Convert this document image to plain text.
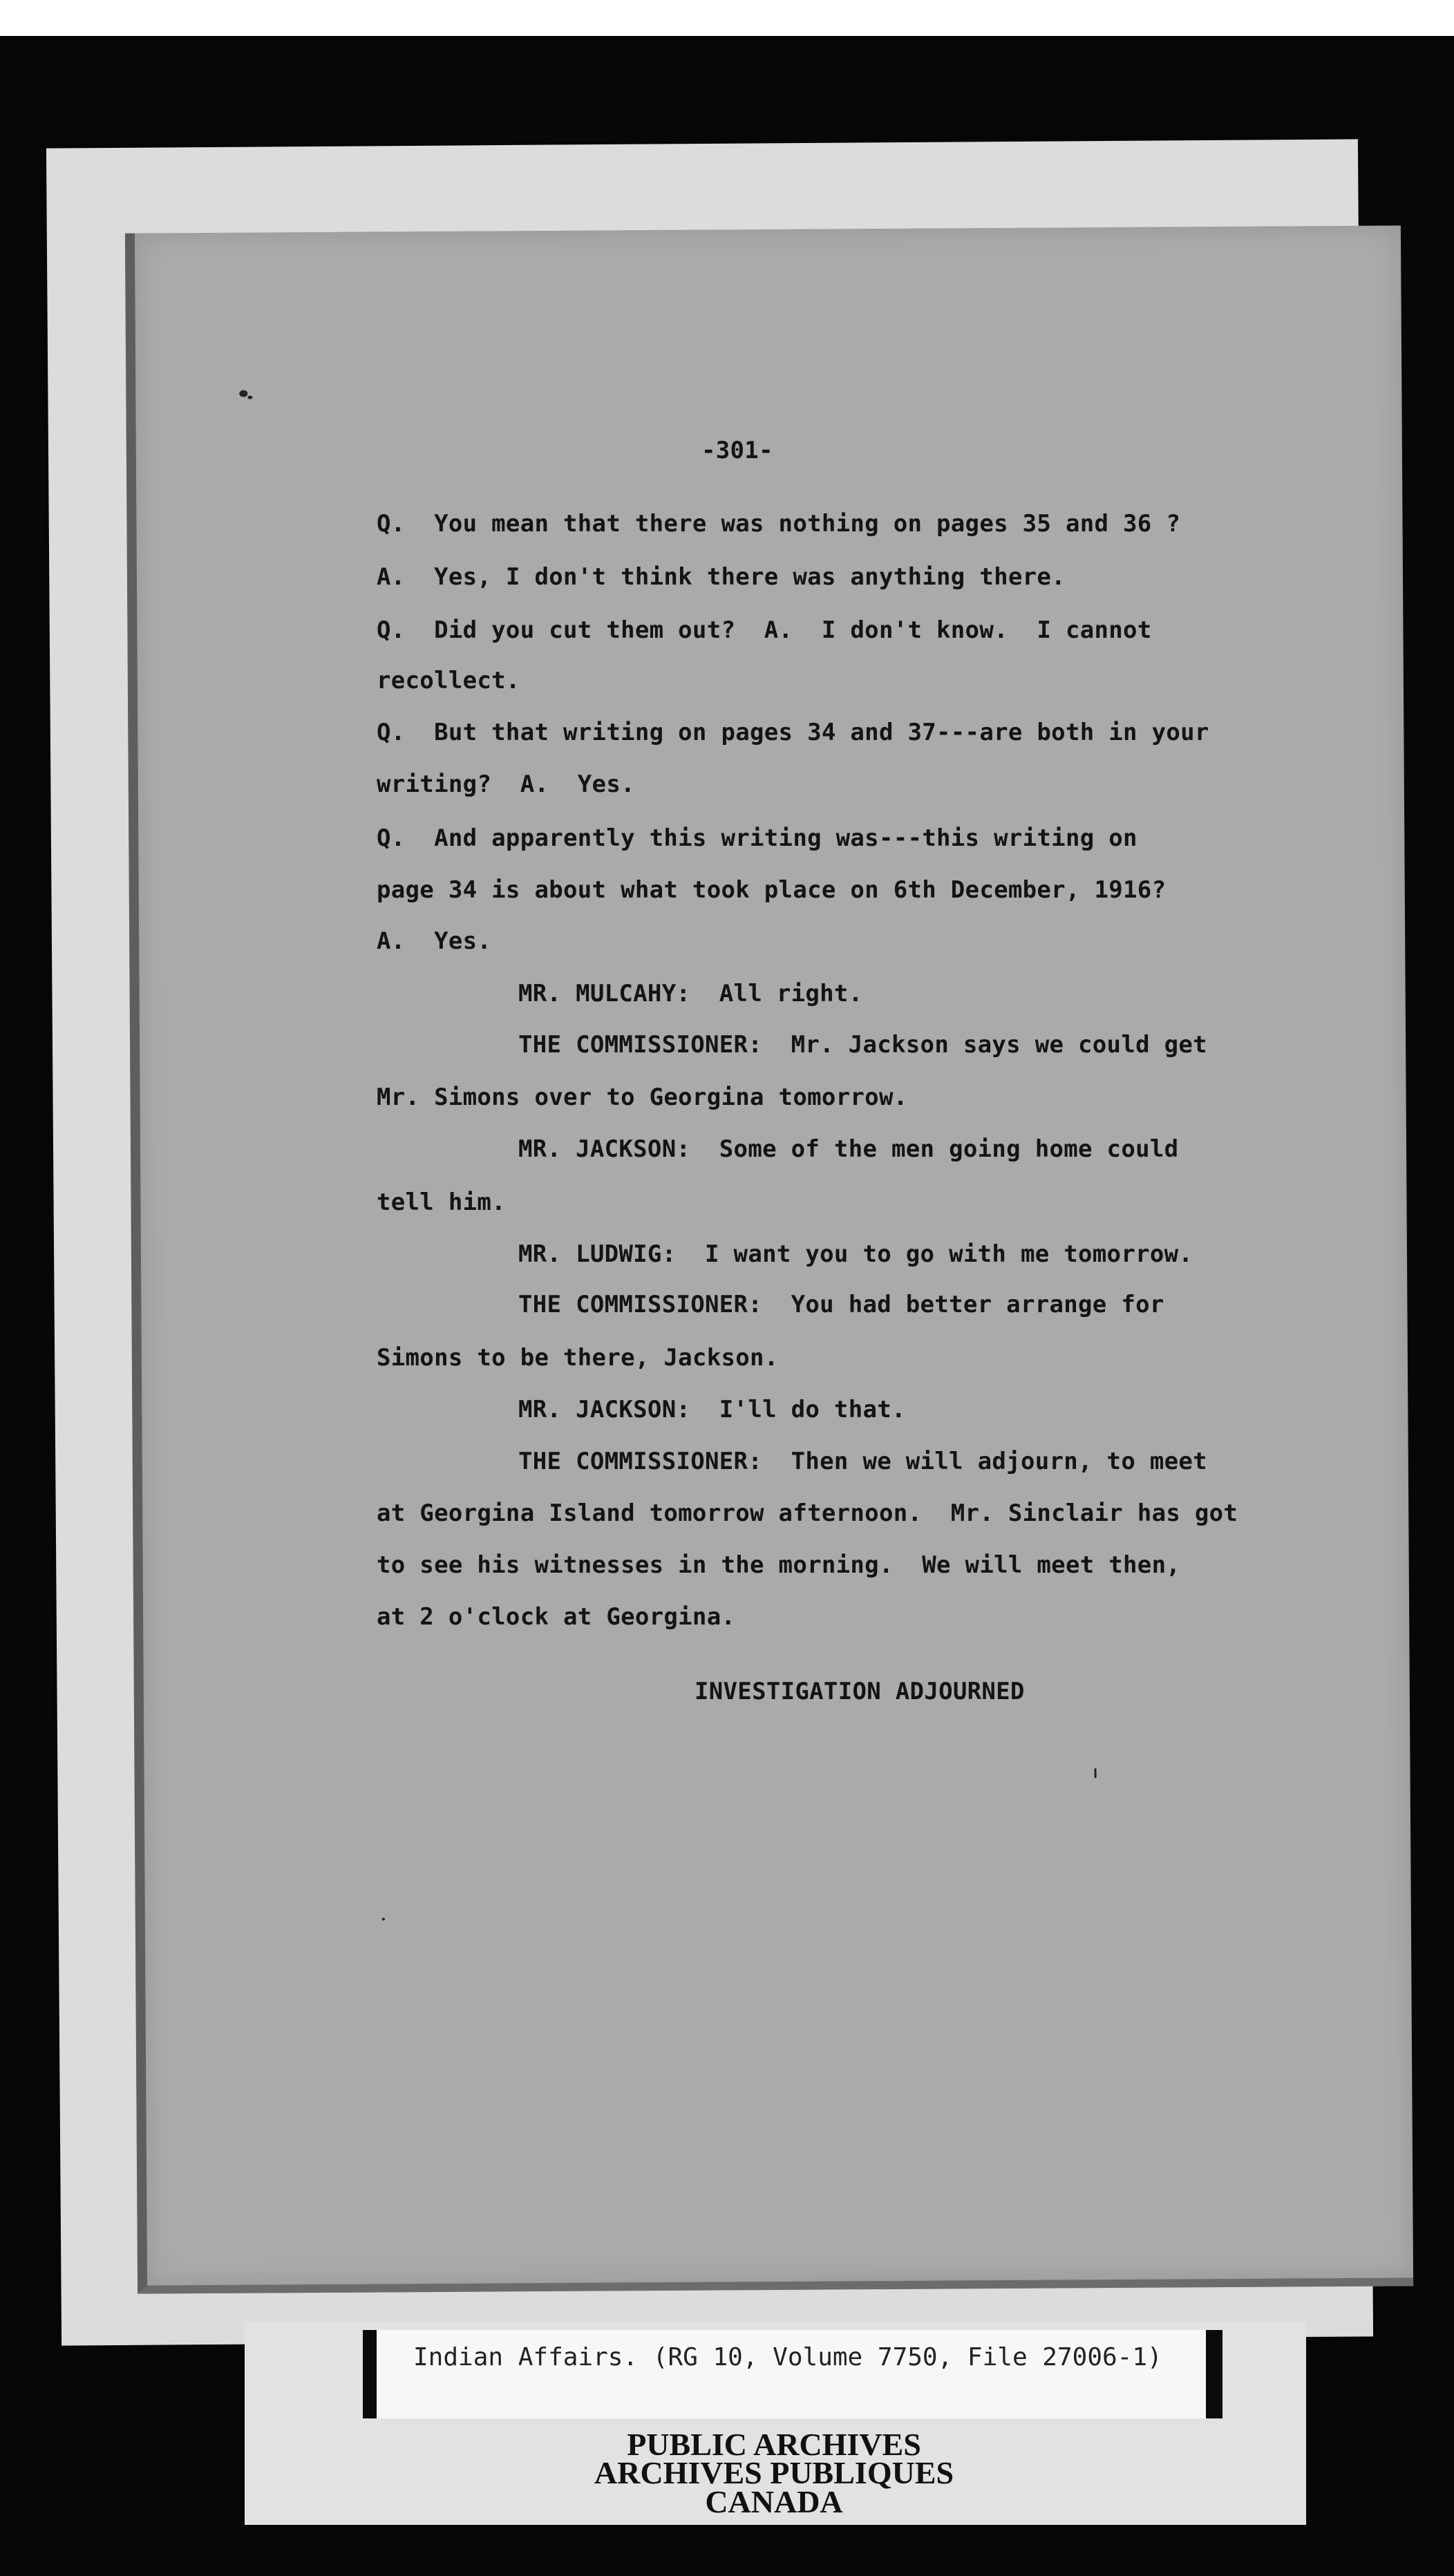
-301-
Q.  You mean that there was nothing on pages 35 and 36 ?
A.  Yes, I don't think there was anything there.
Q.  Did you cut them out?  A.  I don't know.  I cannot
recollect.
Q.  But that writing on pages 34 and 37---are both in your
writing?  A.  Yes.
Q.  And apparently this writing was---this writing on
page 34 is about what took place on 6th December, 1916?
A.  Yes.
MR. MULCAHY:  All right.
THE COMMISSIONER:  Mr. Jackson says we could get
Mr. Simons over to Georgina tomorrow.
MR. JACKSON:  Some of the men going home could
tell him.
MR. LUDWIG:  I want you to go with me tomorrow.
THE COMMISSIONER:  You had better arrange for
Simons to be there, Jackson.
MR. JACKSON:  I'll do that.
THE COMMISSIONER:  Then we will adjourn, to meet
at Georgina Island tomorrow afternoon.  Mr. Sinclair has got
to see his witnesses in the morning.  We will meet then,
at 2 o'clock at Georgina.
INVESTIGATION ADJOURNED
Indian Affairs. (RG 10, Volume 7750, File 27006-1)
PUBLIC ARCHIVES
ARCHIVES PUBLIQUES
CANADA
